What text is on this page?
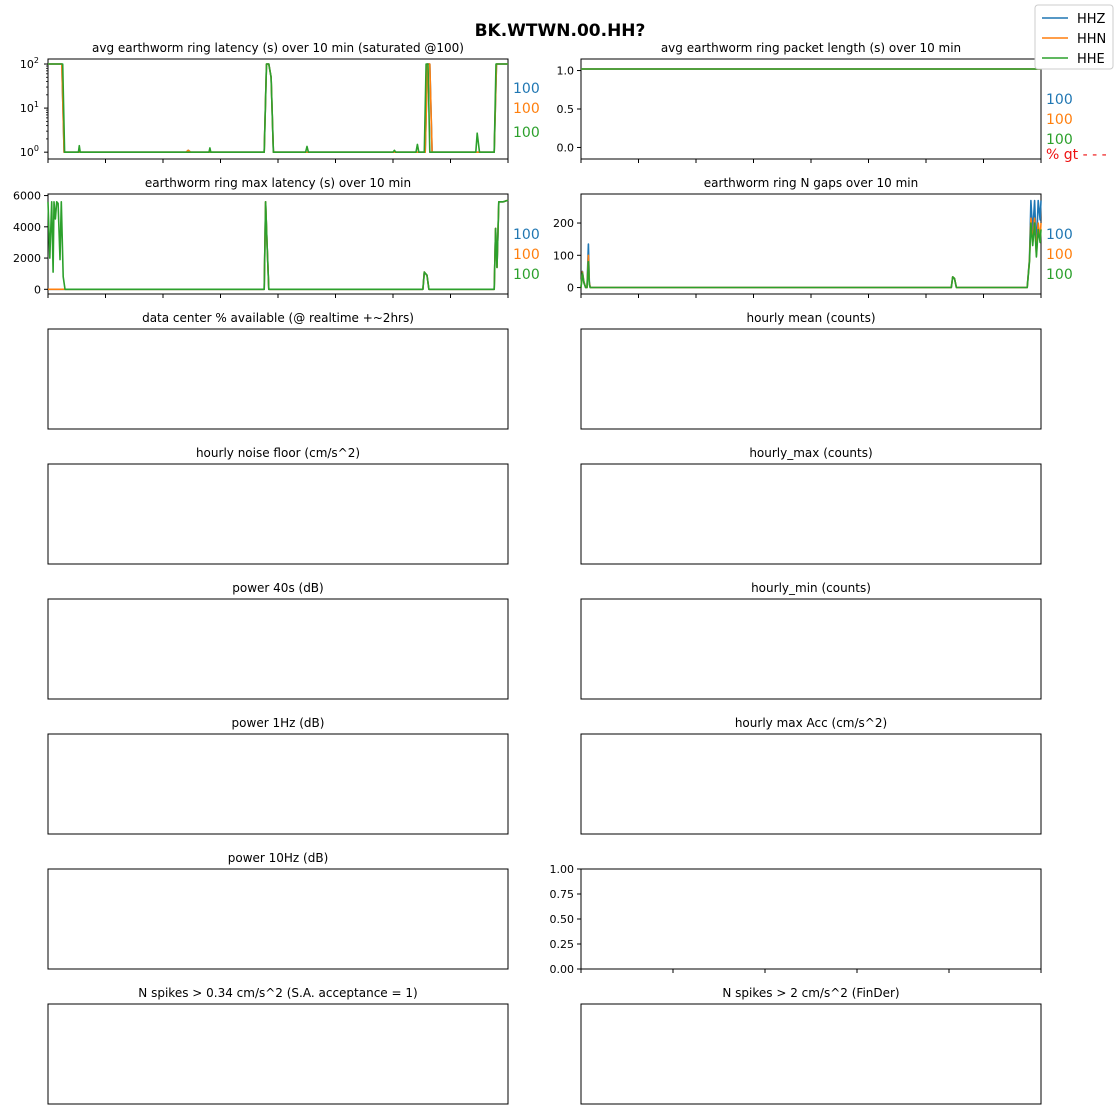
BK.WTWN.00.HH?
avg earthworm ring latency (s) over 10 min (saturated @100)
$10^0$
$10^1$
$10^2$
100
100
100
avg earthworm ring packet length (s) over 10 min
0.0
0.5
1.0
100
100
100
% gt - - -
earthworm ring max latency (s) over 10 min
0
2000
4000
6000
100
100
100
earthworm ring N gaps over 10 min
0
100
200
100
100
100
data center % available (@ realtime +~2hrs)	hourly mean (counts)
hourly noise floor (cm/s^2)	hourly_max (counts)
power 40s (dB)	hourly_min (counts)
power 1Hz (dB)	hourly max Acc (cm/s^2)
power 10Hz (dB)
0.00
0.25
0.50
0.75
1.00
N spikes > 0.34 cm/s^2 (S.A. acceptance = 1)	N spikes > 2 cm/s^2 (FinDer)
HHZ
HHN
HHE
